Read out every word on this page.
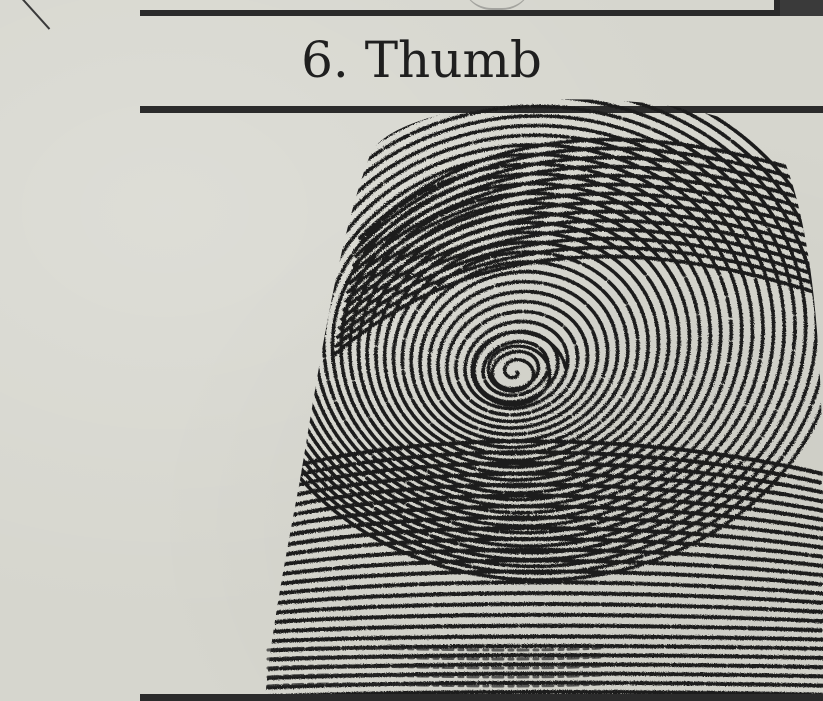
6. Thumb
